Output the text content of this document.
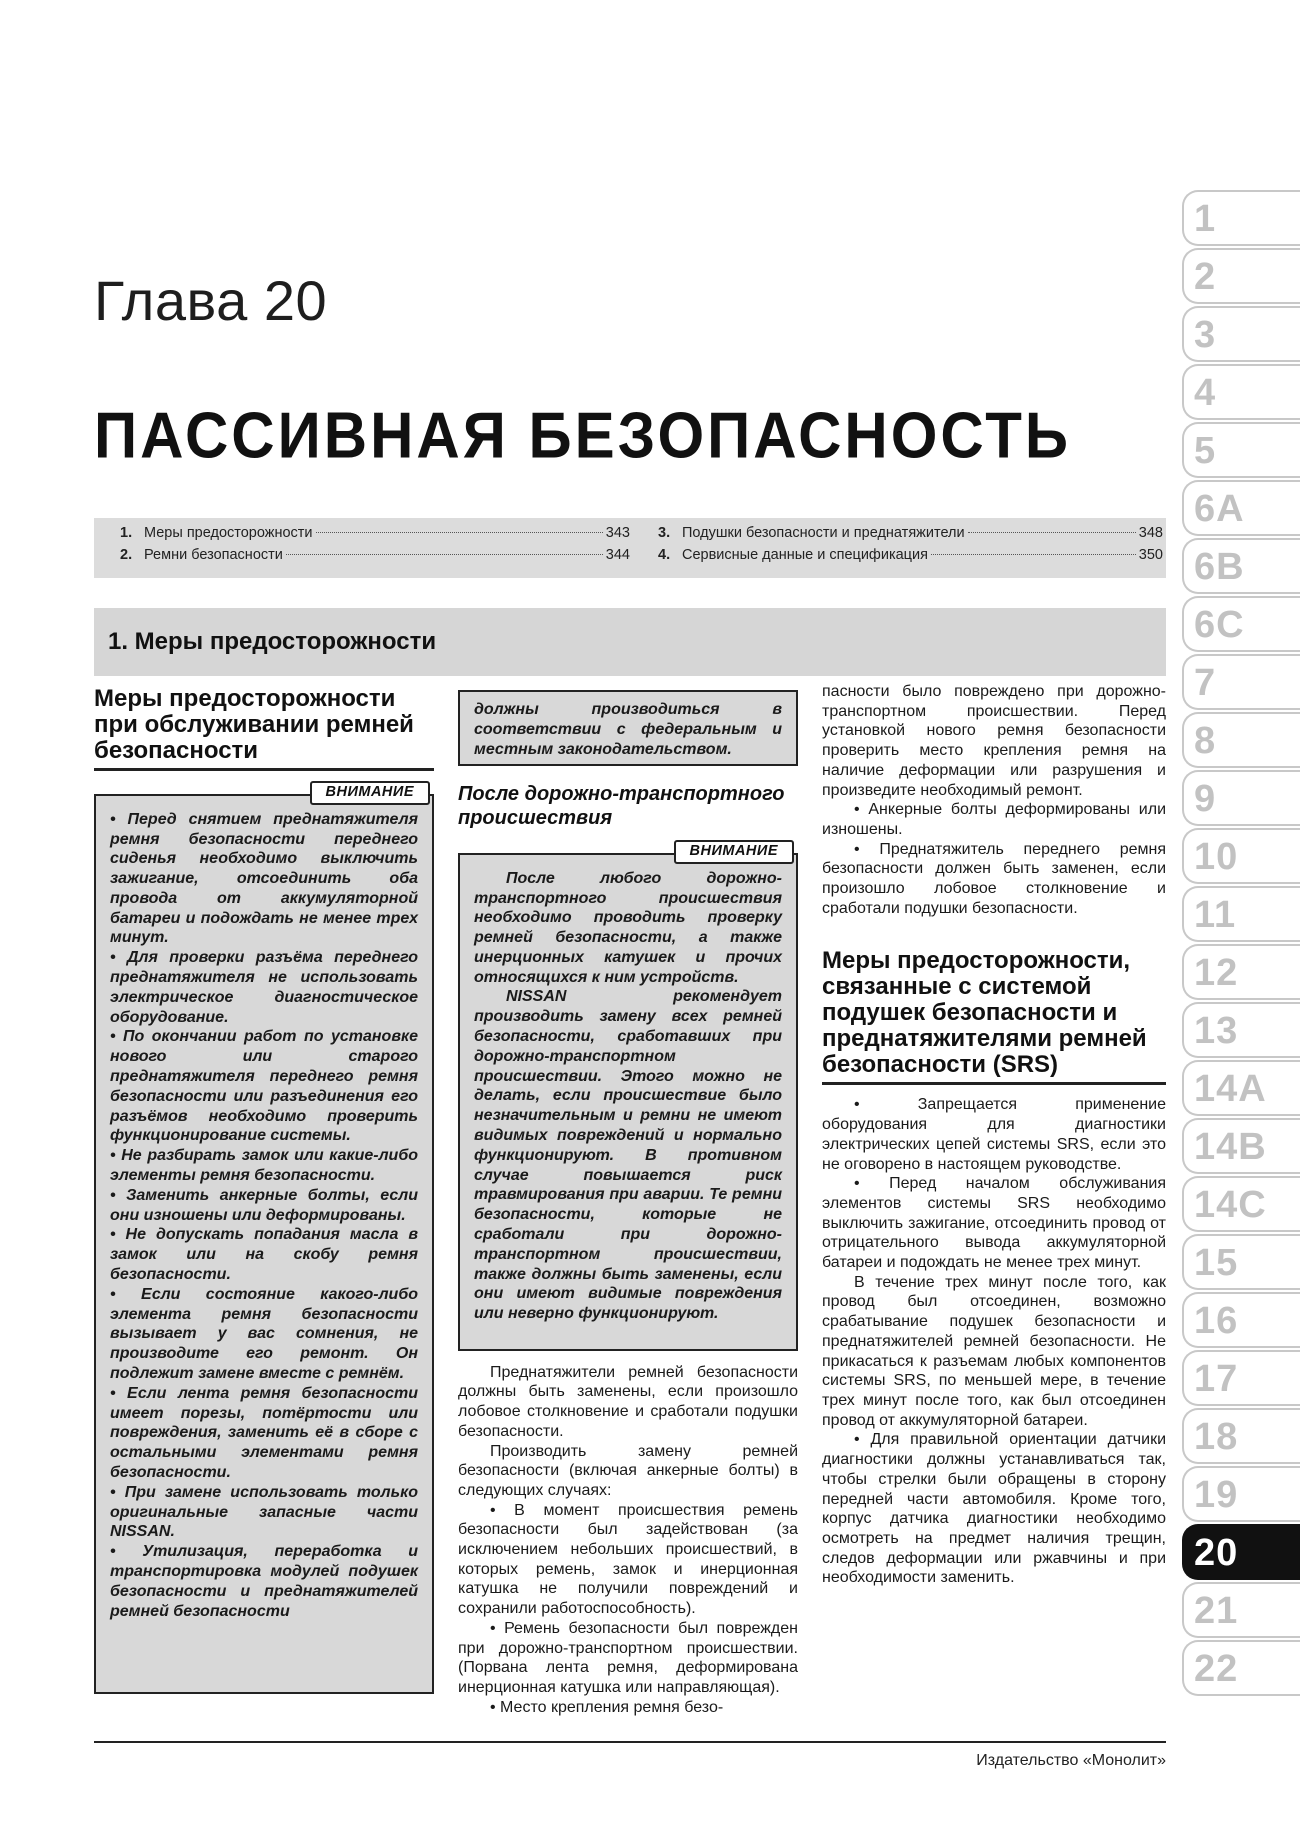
Глава 20
ПАССИВНАЯ БЕЗОПАСНОСТЬ
1. Меры предосторожности	343 3. Подушки безопасности и преднатяжители	348
2. Ремни безопасности	344 4. Сервисные данные и спецификация	350
1. Меры предосторожности
Меры предосторожности при обслуживании ремней безопасности
ВНИМАНИЕ

• Перед снятием преднатяжителя ремня безопасности переднего сиденья необходимо выключить зажигание, отсоединить оба провода от аккумуляторной батареи и подождать не менее трех минут.

• Для проверки разъёма переднего преднатяжителя не использовать электрическое диагностическое оборудование.

• По окончании работ по установке нового или старого преднатяжителя переднего ремня безопасности или разъединения его разъёмов необходимо проверить функционирование системы.

• Не разбирать замок или какие-либо элементы ремня безопасности.

• Заменить анкерные болты, если они изношены или деформированы.

• Не допускать попадания масла в замок или на скобу ремня безопасности.

• Если состояние какого-либо элемента ремня безопасности вызывает у вас сомнения, не производите его ремонт. Он подлежит замене вместе с ремнём.

• Если лента ремня безопасности имеет порезы, потёртости или повреждения, заменить её в сборе с остальными элементами ремня безопасности.

• При замене использовать только оригинальные запасные части NISSAN.

• Утилизация, переработка и транспортировка модулей подушек безопасности и преднатяжителей ремней безопасности

должны производиться в соответствии с федеральным и местным законодательством.

После дорожно-транспортного происшествия
ВНИМАНИЕ

После любого дорожно-транспортного происшествия необходимо проводить проверку ремней безопасности, а также инерционных катушек и прочих относящихся к ним устройств.

NISSAN рекомендует производить замену всех ремней безопасности, сработавших при дорожно-транспортном происшествии. Этого можно не делать, если происшествие было незначительным и ремни не имеют видимых повреждений и нормально функционируют. В противном случае повышается риск травмирования при аварии. Те ремни безопасности, которые не сработали при дорожно-транспортном происшествии, также должны быть заменены, если они имеют видимые повреждения или неверно функционируют.

Преднатяжители ремней безопасности должны быть заменены, если произошло лобовое столкновение и сработали подушки безопасности.

Производить замену ремней безопасности (включая анкерные болты) в следующих случаях:

• В момент происшествия ремень безопасности был задействован (за исключением небольших происшествий, в которых ремень, замок и инерционная катушка не получили повреждений и сохранили работоспособность).

• Ремень безопасности был поврежден при дорожно-транспортном происшествии. (Порвана лента ремня, деформирована инерционная катушка или направляющая).

• Место крепления ремня безо-

пасности было повреждено при дорожно-транспортном происшествии. Перед установкой нового ремня безопасности проверить место крепления ремня на наличие деформации или разрушения и произведите необходимый ремонт.

• Анкерные болты деформированы или изношены.

• Преднатяжитель переднего ремня безопасности должен быть заменен, если произошло лобовое столкновение и сработали подушки безопасности.

Меры предосторожности, связанные с системой подушек безопасности и преднатяжителями ремней безопасности (SRS)

• Запрещается применение оборудования для диагностики электрических цепей системы SRS, если это не оговорено в настоящем руководстве.

• Перед началом обслуживания элементов системы SRS необходимо выключить зажигание, отсоединить провод от отрицательного вывода аккумуляторной батареи и подождать не менее трех минут.

В течение трех минут после того, как провод был отсоединен, возможно срабатывание подушек безопасности и преднатяжителей ремней безопасности. Не прикасаться к разъемам любых компонентов системы SRS, по меньшей мере, в течение трех минут после того, как был отсоединен провод от аккумуляторной батареи.

• Для правильной ориентации датчики диагностики должны устанавливаться так, чтобы стрелки были обращены в сторону передней части автомобиля. Кроме того, корпус датчика диагностики необходимо осмотреть на предмет наличия трещин, следов деформации или ржавчины и при необходимости заменить.

Издательство «Монолит»
1
2
3
4
5
6A
6B
6C
7
8
9
10
11
12
13
14A
14B
14C
15
16
17
18
19
20
21
22
